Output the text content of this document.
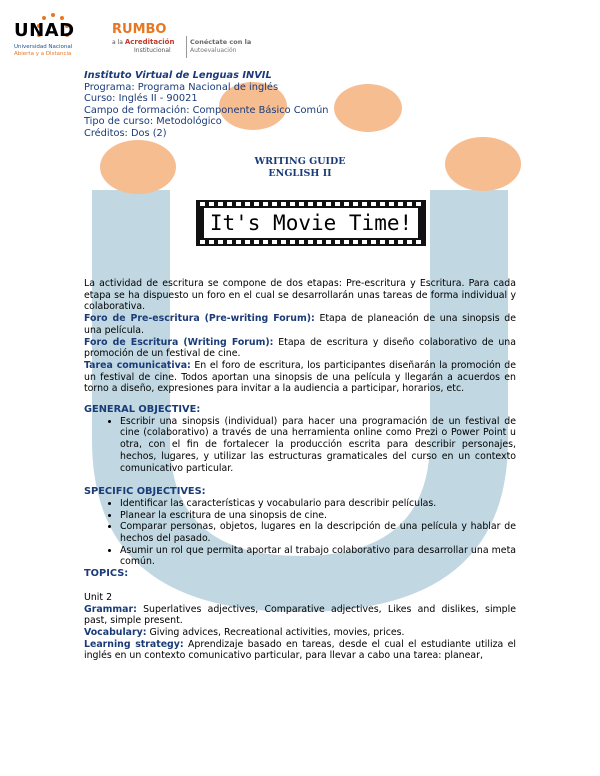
UNAD
Universidad Nacional
Abierta y a Distancia
RUMBO
a la Acreditación
Institucional
Conéctate con la
Autoevaluación
Instituto Virtual de Lenguas INVIL
Programa: Programa Nacional de inglés
Curso: Inglés II - 90021
Campo de formación: Componente Básico Común
Tipo de curso: Metodológico
Créditos: Dos (2)
WRITING GUIDE
ENGLISH II
It's Movie Time!

La actividad de escritura se compone de dos etapas: Pre-escritura y Escritura. Para cada etapa se ha dispuesto un foro en el cual se desarrollarán unas tareas de forma individual y colaborativa.

Foro de Pre-escritura (Pre-writing Forum): Etapa de planeación de una sinopsis de una película.

Foro de Escritura (Writing Forum): Etapa de escritura y diseño colaborativo de una promoción de un festival de cine.

Tarea comunicativa: En el foro de escritura, los participantes diseñarán la promoción de un festival de cine. Todos aportan una sinopsis de una película y llegarán a acuerdos en torno a diseño, expresiones para invitar a la audiencia a participar, horarios, etc.

GENERAL OBJECTIVE:

• Escribir una sinopsis (individual) para hacer una programación de un festival de cine (colaborativo) a través de una herramienta online como Prezi o Power Point u otra, con el fin de fortalecer la producción escrita para describir personajes, hechos, lugares, y utilizar las estructuras gramaticales del curso en un contexto comunicativo particular.

SPECIFIC OBJECTIVES:

• Identificar las características y vocabulario para describir películas.
• Planear la escritura de una sinopsis de cine.
• Comparar personas, objetos, lugares en la descripción de una película y hablar de hechos del pasado.
• Asumir un rol que permita aportar al trabajo colaborativo para desarrollar una meta común.

TOPICS:

Unit 2

Grammar: Superlatives adjectives, Comparative adjectives, Likes and dislikes, simple past, simple present.

Vocabulary: Giving advices, Recreational activities, movies, prices.

Learning strategy: Aprendizaje basado en tareas, desde el cual el estudiante utiliza el inglés en un contexto comunicativo particular, para llevar a cabo una tarea: planear,
